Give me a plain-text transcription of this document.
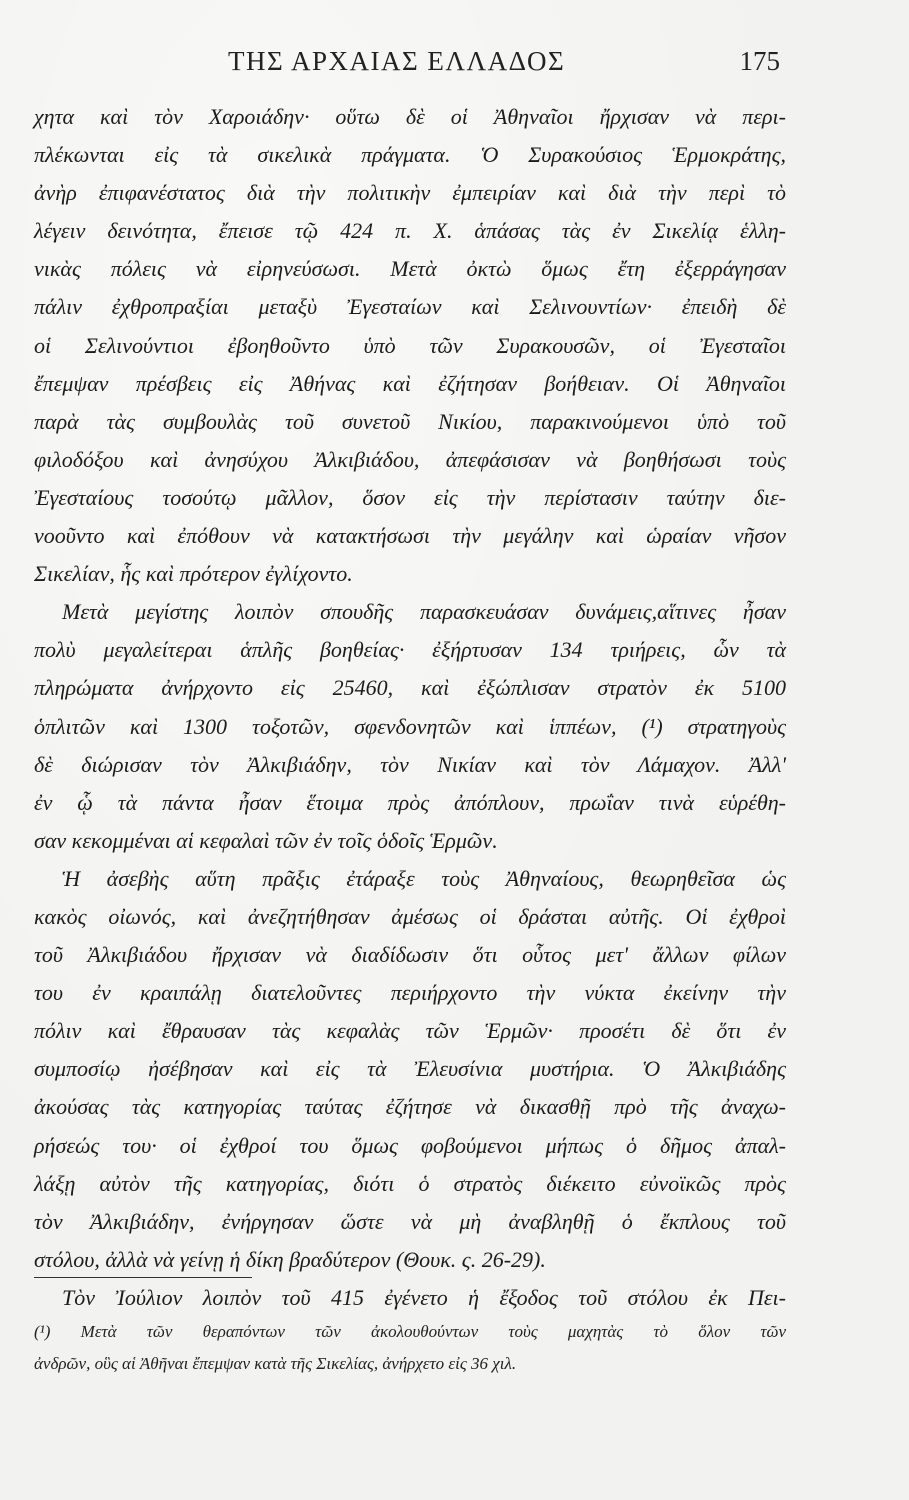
ΤΗΣ ΑΡΧΑΙΑΣ ΕΛΛΑΔΟΣ	175
χητα καὶ τὸν Χαροιάδην· οὕτω δὲ οἱ Ἀθηναῖοι ἤρχισαν νὰ περι-
πλέκωνται εἰς τὰ σικελικὰ πράγματα. Ὁ Συρακούσιος Ἑρμοκράτης,
ἀνὴρ ἐπιφανέστατος διὰ τὴν πολιτικὴν ἐμπειρίαν καὶ διὰ τὴν περὶ τὸ
λέγειν δεινότητα, ἔπεισε τῷ 424 π. Χ. ἁπάσας τὰς ἐν Σικελίᾳ ἑλλη-
νικὰς πόλεις νὰ εἰρηνεύσωσι. Μετὰ ὀκτὼ ὅμως ἔτη ἐξερράγησαν
πάλιν ἐχθροπραξίαι μεταξὺ Ἐγεσταίων καὶ Σελινουντίων· ἐπειδὴ δὲ
οἱ Σελινούντιοι ἐβοηθοῦντο ὑπὸ τῶν Συρακουσῶν, οἱ Ἐγεσταῖοι
ἔπεμψαν πρέσβεις εἰς Ἀθήνας καὶ ἐζήτησαν βοήθειαν. Οἱ Ἀθηναῖοι
παρὰ τὰς συμβουλὰς τοῦ συνετοῦ Νικίου, παρακινούμενοι ὑπὸ τοῦ
φιλοδόξου καὶ ἀνησύχου Ἀλκιβιάδου, ἀπεφάσισαν νὰ βοηθήσωσι τοὺς
Ἐγεσταίους τοσούτῳ μᾶλλον, ὅσον εἰς τὴν περίστασιν ταύτην διε-
νοοῦντο καὶ ἐπόθουν νὰ κατακτήσωσι τὴν μεγάλην καὶ ὡραίαν νῆσον
Σικελίαν, ἧς καὶ πρότερον ἐγλίχοντο.
Μετὰ μεγίστης λοιπὸν σπουδῆς παρασκευάσαν δυνάμεις,αἵτινες ἦσαν
πολὺ μεγαλείτεραι ἁπλῆς βοηθείας· ἐξήρτυσαν 134 τριήρεις, ὧν τὰ
πληρώματα ἀνήρχοντο εἰς 25460, καὶ ἐξώπλισαν στρατὸν ἐκ 5100
ὁπλιτῶν καὶ 1300 τοξοτῶν, σφενδονητῶν καὶ ἱππέων, (¹) στρατηγοὺς
δὲ διώρισαν τὸν Ἀλκιβιάδην, τὸν Νικίαν καὶ τὸν Λάμαχον. Ἀλλ'
ἐν ᾧ τὰ πάντα ἦσαν ἕτοιμα πρὸς ἀπόπλουν, πρωΐαν τινὰ εὑρέθη-
σαν κεκομμέναι αἱ κεφαλαὶ τῶν ἐν τοῖς ὁδοῖς Ἑρμῶν.
Ἡ ἀσεβὴς αὕτη πρᾶξις ἐτάραξε τοὺς Ἀθηναίους, θεωρηθεῖσα ὡς
κακὸς οἰωνός, καὶ ἀνεζητήθησαν ἀμέσως οἱ δράσται αὐτῆς. Οἱ ἐχθροὶ
τοῦ Ἀλκιβιάδου ἤρχισαν νὰ διαδίδωσιν ὅτι οὗτος μετ' ἄλλων φίλων
του ἐν κραιπάλῃ διατελοῦντες περιήρχοντο τὴν νύκτα ἐκείνην τὴν
πόλιν καὶ ἔθραυσαν τὰς κεφαλὰς τῶν Ἑρμῶν· προσέτι δὲ ὅτι ἐν
συμποσίῳ ἠσέβησαν καὶ εἰς τὰ Ἐλευσίνια μυστήρια. Ὁ Ἀλκιβιάδης
ἀκούσας τὰς κατηγορίας ταύτας ἐζήτησε νὰ δικασθῇ πρὸ τῆς ἀναχω-
ρήσεώς του· οἱ ἐχθροί του ὅμως φοβούμενοι μήπως ὁ δῆμος ἀπαλ-
λάξῃ αὐτὸν τῆς κατηγορίας, διότι ὁ στρατὸς διέκειτο εὐνοϊκῶς πρὸς
τὸν Ἀλκιβιάδην, ἐνήργησαν ὥστε νὰ μὴ ἀναβληθῇ ὁ ἔκπλους τοῦ
στόλου, ἀλλὰ νὰ γείνῃ ἡ δίκη βραδύτερον (Θουκ. ς. 26-29).
Τὸν Ἰούλιον λοιπὸν τοῦ 415 ἐγένετο ἡ ἔξοδος τοῦ στόλου ἐκ Πει-
(¹) Μετὰ τῶν θεραπόντων τῶν ἀκολουθούντων τοὺς μαχητὰς τὸ ὅλον τῶν
ἀνδρῶν, οὓς αἱ Ἀθῆναι ἔπεμψαν κατὰ τῆς Σικελίας, ἀνήρχετο εἰς 36 χιλ.
